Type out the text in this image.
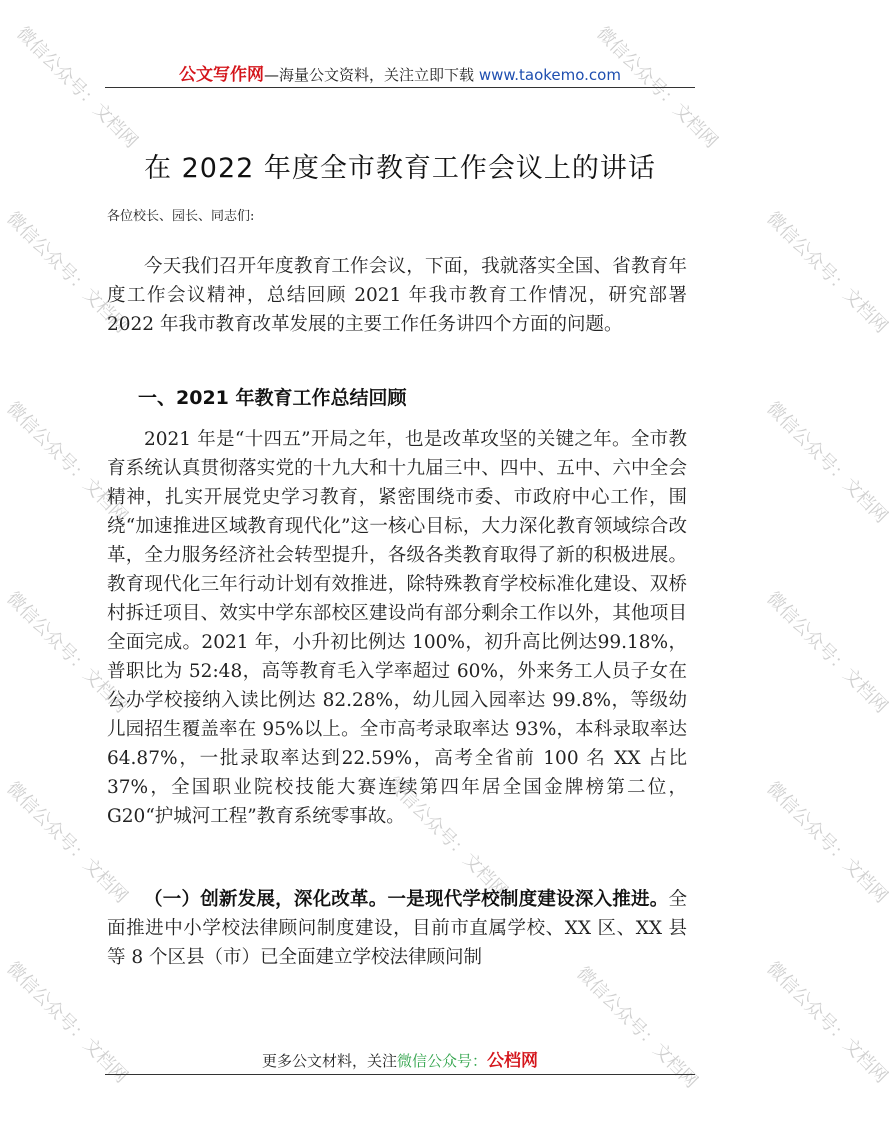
微信公众号：文档网	微信公众号：文档网
微信公众号：文档网	微信公众号：文档网
微信公众号：文档网	微信公众号：文档网
微信公众号：文档网	微信公众号：文档网
微信公众号：文档网	微信公众号：文档网
微信公众号：文档网	微信公众号：文档网
微信公众号：文档网
微信公众号：文档网
公文写作网—海量公文资料，关注立即下载 www.taokemo.com
在 2022 年度全市教育工作会议上的讲话
各位校长、园长、同志们:
今天我们召开年度教育工作会议，下面，我就落实全国、省教育年度工作会议精神，总结回顾 2021 年我市教育工作情况，研究部署 2022 年我市教育改革发展的主要工作任务讲四个方面的问题。
一、2021 年教育工作总结回顾
2021 年是“十四五”开局之年，也是改革攻坚的关键之年。全市教育系统认真贯彻落实党的十九大和十九届三中、四中、五中、六中全会精神，扎实开展党史学习教育，紧密围绕市委、市政府中心工作，围绕“加速推进区域教育现代化”这一核心目标，大力深化教育领域综合改革，全力服务经济社会转型提升，各级各类教育取得了新的积极进展。教育现代化三年行动计划有效推进，除特殊教育学校标准化建设、双桥村拆迁项目、效实中学东部校区建设尚有部分剩余工作以外，其他项目全面完成。2021 年，小升初比例达 100%，初升高比例达99.18%，普职比为 52:48，高等教育毛入学率超过 60%，外来务工人员子女在公办学校接纳入读比例达 82.28%，幼儿园入园率达 99.8%，等级幼儿园招生覆盖率在 95%以上。全市高考录取率达 93%，本科录取率达 64.87%，一批录取率达到22.59%，高考全省前 100 名 XX 占比 37%，全国职业院校技能大赛连续第四年居全国金牌榜第二位，G20“护城河工程”教育系统零事故。
（一）创新发展，深化改革。一是现代学校制度建设深入推进。全面推进中小学校法律顾问制度建设，目前市直属学校、XX 区、XX 县等 8 个区县（市）已全面建立学校法律顾问制
更多公文材料，关注微信公众号：公档网
